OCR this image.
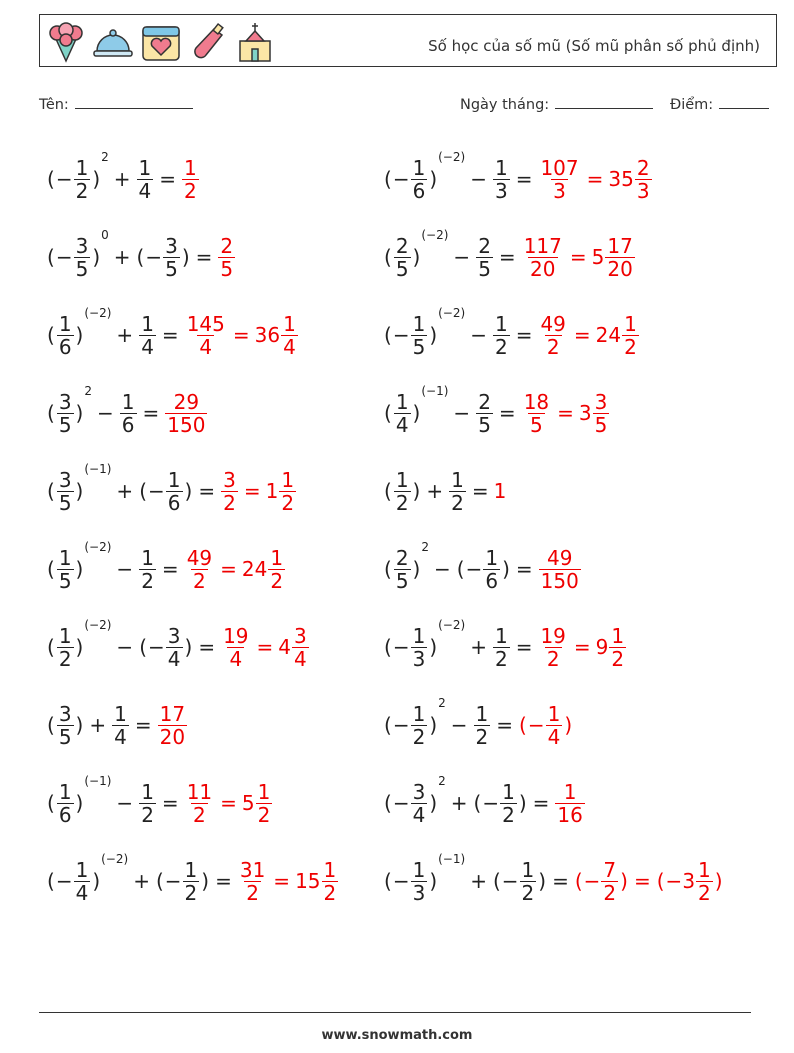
Số học của số mũ (Số mũ phân số phủ định)
Tên:	Ngày tháng:	Điểm:
( − $\frac{1}{2}$ )
2
+ $\frac{1}{4} = \frac{1}{2}$	( − $\frac{1}{6}$ )
(−2)
− $\frac{1}{3} = \frac{107}{3} = 35 \frac{2}{3}$
( − $\frac{3}{5}$ )
0
+ ( − $\frac{3}{5}$ ) = $\frac{2}{5}$	( $\frac{2}{5}$ )
(−2)
− $\frac{2}{5} = \frac{117}{20} = 5 \frac{17}{20}$
( $\frac{1}{6}$ )
(−2)
+ $\frac{1}{4} = \frac{145}{4} = 36 \frac{1}{4}$	( − $\frac{1}{5}$ )
(−2)
− $\frac{1}{2} = \frac{49}{2} = 24 \frac{1}{2}$
( $\frac{3}{5}$ )
2
− $\frac{1}{6} = \frac{29}{150}$	( $\frac{1}{4}$ )
(−1)
− $\frac{2}{5} = \frac{18}{5} = 3 \frac{3}{5}$
( $\frac{3}{5}$ )
(−1)
+ ( − $\frac{1}{6}$ ) = $\frac{3}{2} = 1 \frac{1}{2}$	( $\frac{1}{2}$ ) + $\frac{1}{2} = 1$
( $\frac{1}{5}$ )
(−2)
− $\frac{1}{2} = \frac{49}{2} = 24 \frac{1}{2}$	( $\frac{2}{5}$ )
2
− ( − $\frac{1}{6}$ ) = $\frac{49}{150}$
( $\frac{1}{2}$ )
(−2)
− ( − $\frac{3}{4}$ ) = $\frac{19}{4} = 4 \frac{3}{4}$	( − $\frac{1}{3}$ )
(−2)
+ $\frac{1}{2} = \frac{19}{2} = 9 \frac{1}{2}$
( $\frac{3}{5}$ ) + $\frac{1}{4} = \frac{17}{20}$	( − $\frac{1}{2}$ )
2
− $\frac{1}{2}$ = ( − $\frac{1}{4}$ )
( $\frac{1}{6}$ )
(−1)
− $\frac{1}{2} = \frac{11}{2} = 5 \frac{1}{2}$	( − $\frac{3}{4}$ )
2
+ ( − $\frac{1}{2}$ ) = $\frac{1}{16}$
( − $\frac{1}{4}$ )
(−2)
+ ( − $\frac{1}{2}$ ) = $\frac{31}{2} = 15 \frac{1}{2}$ ( − $\frac{1}{3}$ )
(−1)
+ ( − $\frac{1}{2}$ ) = ( − $\frac{7}{2}$ ) = ( − $3 \frac{1}{2}$ )
www.snowmath.com
